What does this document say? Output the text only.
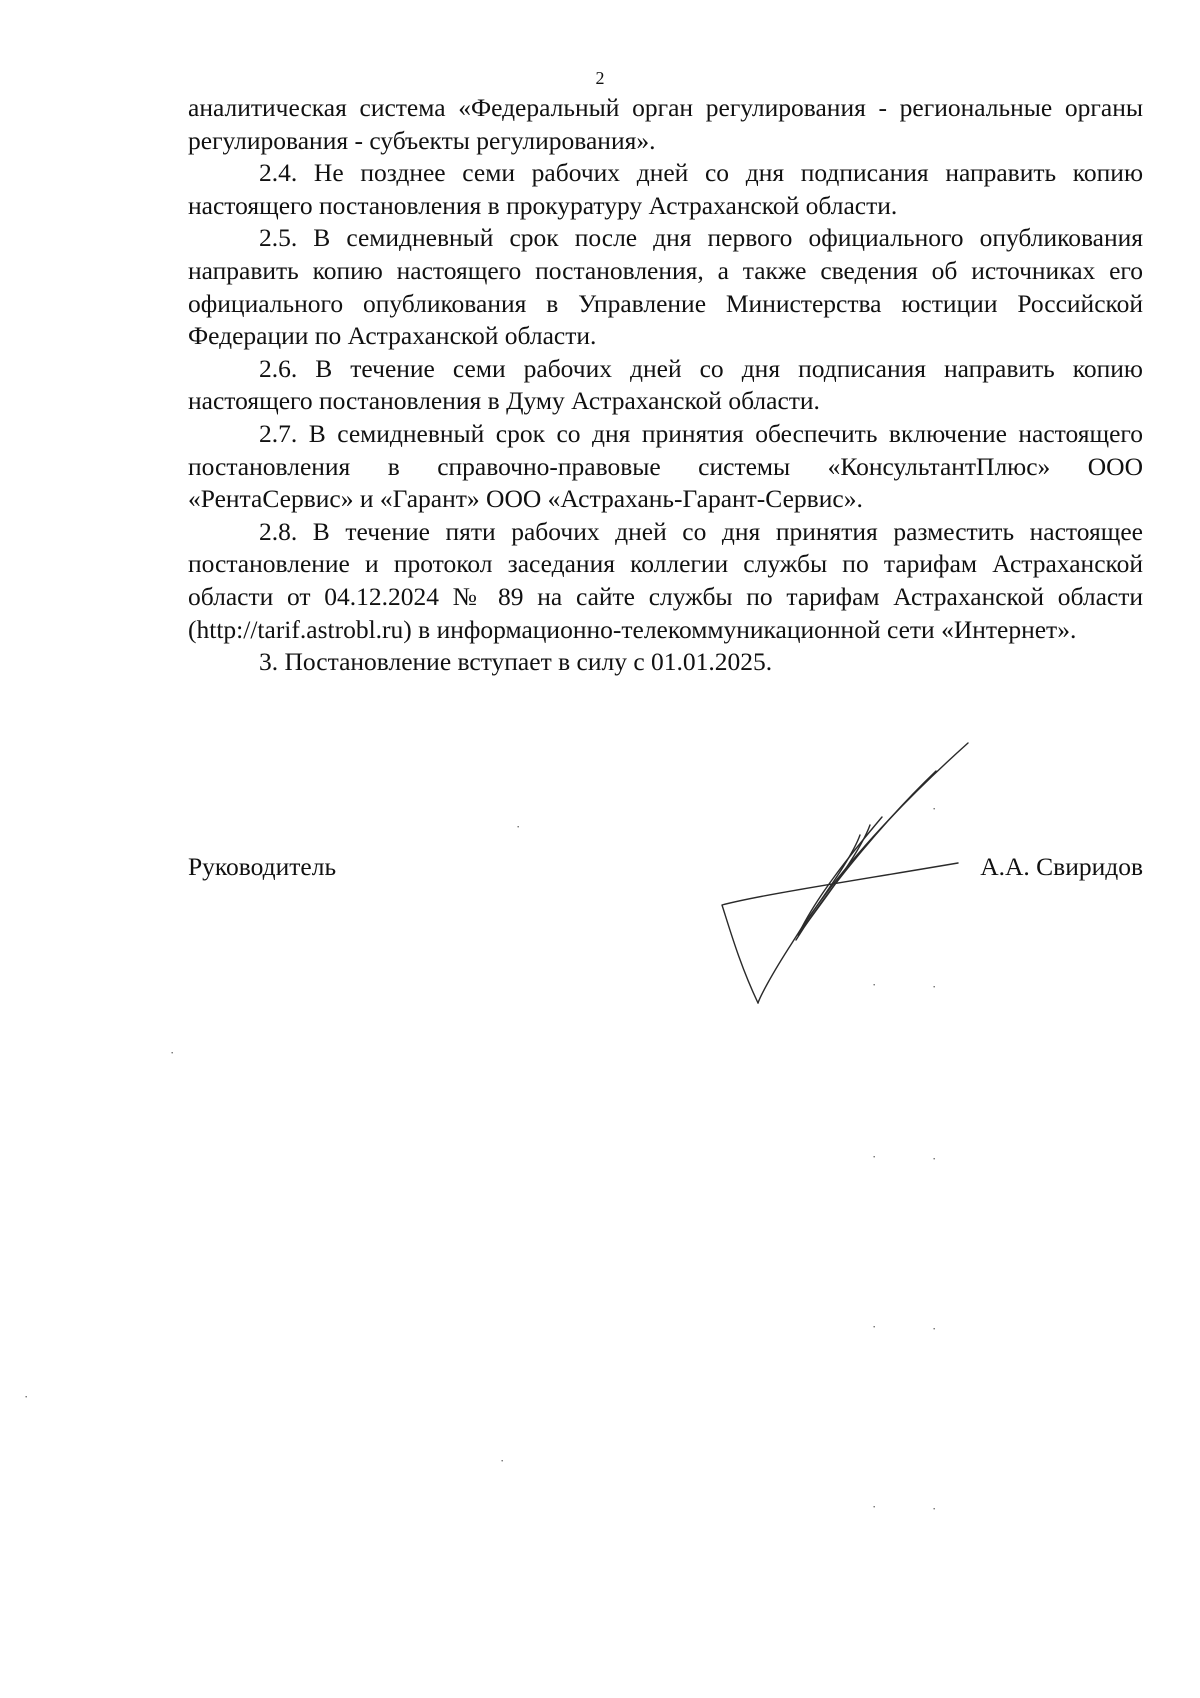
2

аналитическая система «Федеральный орган регулирования - региональные органы регулирования - субъекты регулирования».

2.4. Не позднее семи рабочих дней со дня подписания направить копию настоящего постановления в прокуратуру Астраханской области.

2.5. В семидневный срок после дня первого официального опубликования направить копию настоящего постановления, а также сведения об источниках его официального опубликования в Управление Министерства юстиции Российской Федерации по Астраханской области.

2.6. В течение семи рабочих дней со дня подписания направить копию настоящего постановления в Думу Астраханской области.

2.7. В семидневный срок со дня принятия обеспечить включение настоящего постановления в справочно-правовые системы «КонсультантПлюс» ООО «РентаСервис» и «Гарант» ООО «Астрахань-Гарант-Сервис».

2.8. В течение пяти рабочих дней со дня принятия разместить настоящее постановление и протокол заседания коллегии службы по тарифам Астраханской области от 04.12.2024 № 89 на сайте службы по тарифам Астраханской области (http://tarif.astrobl.ru) в информационно-телекоммуникационной сети «Интернет».

3. Постановление вступает в силу с 01.01.2025.

Руководитель	А.А. Свиридов
·
·
·	·
·
·	·
·	·
·
·
·	·
